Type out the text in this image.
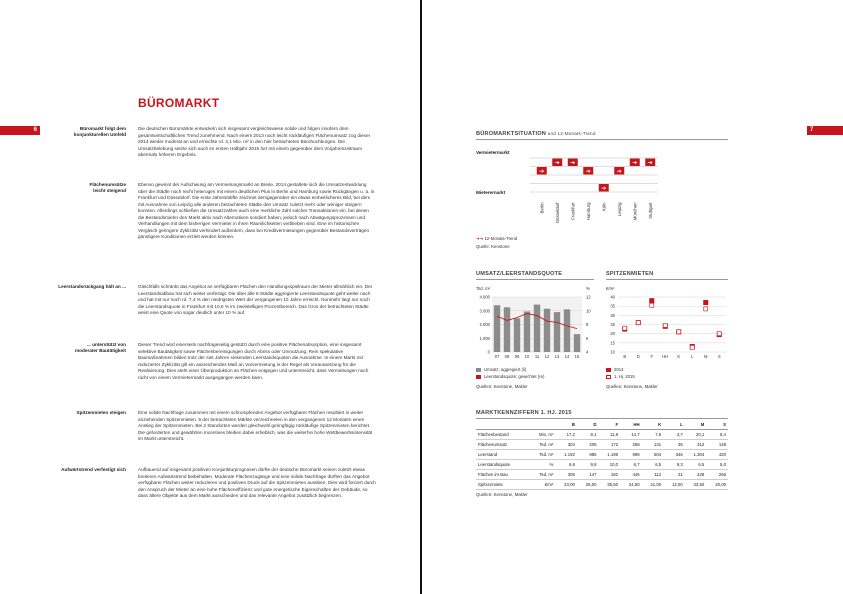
6
BÜROMARKT
Büromarkt folgt dem
konjunkturellen Umfeld
Die deutschen Büromärkte entwickeln sich insgesamt vergleichsweise solide und folgen insofern dem gesamtwirtschaftlichen Trend zunehmend. Nach einem 2013 noch leicht rückläufigen Flächenumsatz zog dieser 2014 wieder moderat an und erreichte rd. 3,1 Mio. m² in den hier betrachteten Bürohochburgen. Die Umsatzbelebung setzte sich auch im ersten Halbjahr 2015 fort mit einem gegenüber dem Vorjahreszeitraum abermals höheren Ergebnis.
Flächenumsätze
leicht steigend
Ebenso gewinnt der Aufschwung am Vermietungsmarkt an Breite. 2014 gestaltete sich die Umsatzentwicklung über die Städte noch recht heterogen mit einem deutlichen Plus in Berlin und Hamburg sowie Rückgängen u. a. in Frankfurt und Düsseldorf. Die erste Jahreshälfte zeichnet demgegenüber ein etwas einheitlicheres Bild, bei dem mit Ausnahme von Leipzig alle anderen betrachteten Städte den Umsatz zuletzt mehr oder weniger steigern konnten. Allerdings schließen die Umsatzzahlen auch eine merkliche Zahl solcher Transaktionen ein, bei denen die Bestandsmieter den Markt aktiv nach Alternativen sondiert haben, jedoch nach Abwägungsprozessen und Verhandlungen mit dem bisherigen Vermieter in ihren Räumlichkeiten verblieben sind. Eine im historischen Vergleich geringere Zyklizität verhindert außerdem, dass bei Kreditvermietungen gegenüber Bestandsverträgen günstigere Konditionen erzielt werden können.
Leerstandsrückgang hält an ...	Gleichfalls schränkt das Angebot an verfügbaren Flächen den Handlungsspielraum der Mieter allmählich ein. Der Leerstandsabbau hat sich weiter verfestigt. Die über alle 8 Städte aggregierte Leerstandsquote geht weiter nach und hat mit nur noch rd. 7,4 % den niedrigsten Wert der vergangenen 10 Jahre erreicht. Nunmehr liegt nur noch die Leerstandsquote in Frankfurt mit 10,0 % im zweistelligen Prozentbereich. Das Gros der betrachteten Städte weist eine Quote von sogar deutlich unter 10 % auf.
... unterstützt von
moderater Bautätigkeit
Dieser Trend wird einerseits nachfrageseitig gestützt durch eine positive Flächenabsorption, eine insgesamt selektive Bautätigkeit sowie Flächenbereinigungen durch Abriss oder Umnutzung. Rein spekulative Baumaßnahmen bilden trotz der seit Jahren sinkenden Leerstandsquoten die Ausnahme. In einem Markt mit reduzierter Zyklizität gilt ein ausreichendes Maß an Vorvermietung in der Regel als Voraussetzung für die Realisierung. Dies steht einer Überproduktion an Flächen entgegen und unterstreicht, dass Vermietungen noch nicht von einem Vermietermarkt ausgegangen werden kann.
Spitzenmieten steigen	Eine solide Nachfrage zusammen mit einem schrumpfenden Angebot verfügbarer Flächen resultiert in weiter anziehenden Spitzenmieten. 5 der betrachteten Märkte verzeichneten in den vergangenen 12 Monaten einen Anstieg der Spitzenmieten. Bei 2 Standorten werden gleichwohl geringfügig rückläufige Spitzenmieten berichtet. Die geforderten und gewährten Incentives bleiben dabei erheblich, was die weiterhin hohe Wettbewerbsintensität im Markt unterstreicht.
Aufwärtstrend verfestigt sich	Aufbauend auf insgesamt positiven Konjunkturprognosen dürfte der deutsche Büromarkt seinen zuletzt etwas breiteren Aufwärtstrend beibehalten. Moderate Flächenzugänge und eine solide Nachfrage dürften das Angebot verfügbarer Flächen weiter reduzieren und positiven Druck auf die Spitzenmieten ausüben. Dies wird forciert durch den Anspruch der Mieter an eine hohe Flächeneffizienz und gute energetische Eigenschaften der Gebäude, so dass ältere Objekte aus dem Markt ausscheiden und das relevante Angebot zusätzlich begrenzen.
7
BÜROMARKTSITUATION und 12-Monats-Trend
Vermietermarkt
Mieterernarkt
➔
➔ ➔
➔
➔
➔
➔ ➔
Berlin Düsseldorf Frankfurt Hamburg Köln Leipzig München Stuttgart
➔➔ 12-Monats-Trend
Quelle: Kenstone
UMSATZ/LEERSTANDSQUOTE
Tsd. m²	%
0
1.000
2.000
3.000
4.000
4
6
8
10
12
07 08 09 10 11 12 13 14 15
Umsatz; aggregiert (li)
Leerstandsquote; gewichtet (re)
Quellen: Kenstone, Makler
SPITZENMIETEN
€/m²
10
15
20
25
30
35
40
B	D	F HH K	L	M S
2014
1. Hj. 2015
Quellen: Kenstone, Makler
MARKTKENNZIFFERN 1. HJ. 2015
		B	D	F	HH	K	L	M	S
Flächenbestand	Mio. m²	17,2	9,1	11,9	14,7	7,6	3,7	20,1	8,4
Flächenumsatz	Tsd. m²	304	205	172	258	131	35	312	148
Leerstand	Tsd. m²	1.192	985	1.195	998	504	346	1.304	420
Leerstandsquote	%	6,9	9,8	10,0	6,7	6,5	9,3	6,5	5,0
Flächen im Bau	Tsd. m²	305	147	182	445	112	31	428	266
Spitzenmiete	€/m²	23,00	26,00	35,50	24,50	21,00	12,50	33,50	20,00
Quellen: Kenstone, Makler
